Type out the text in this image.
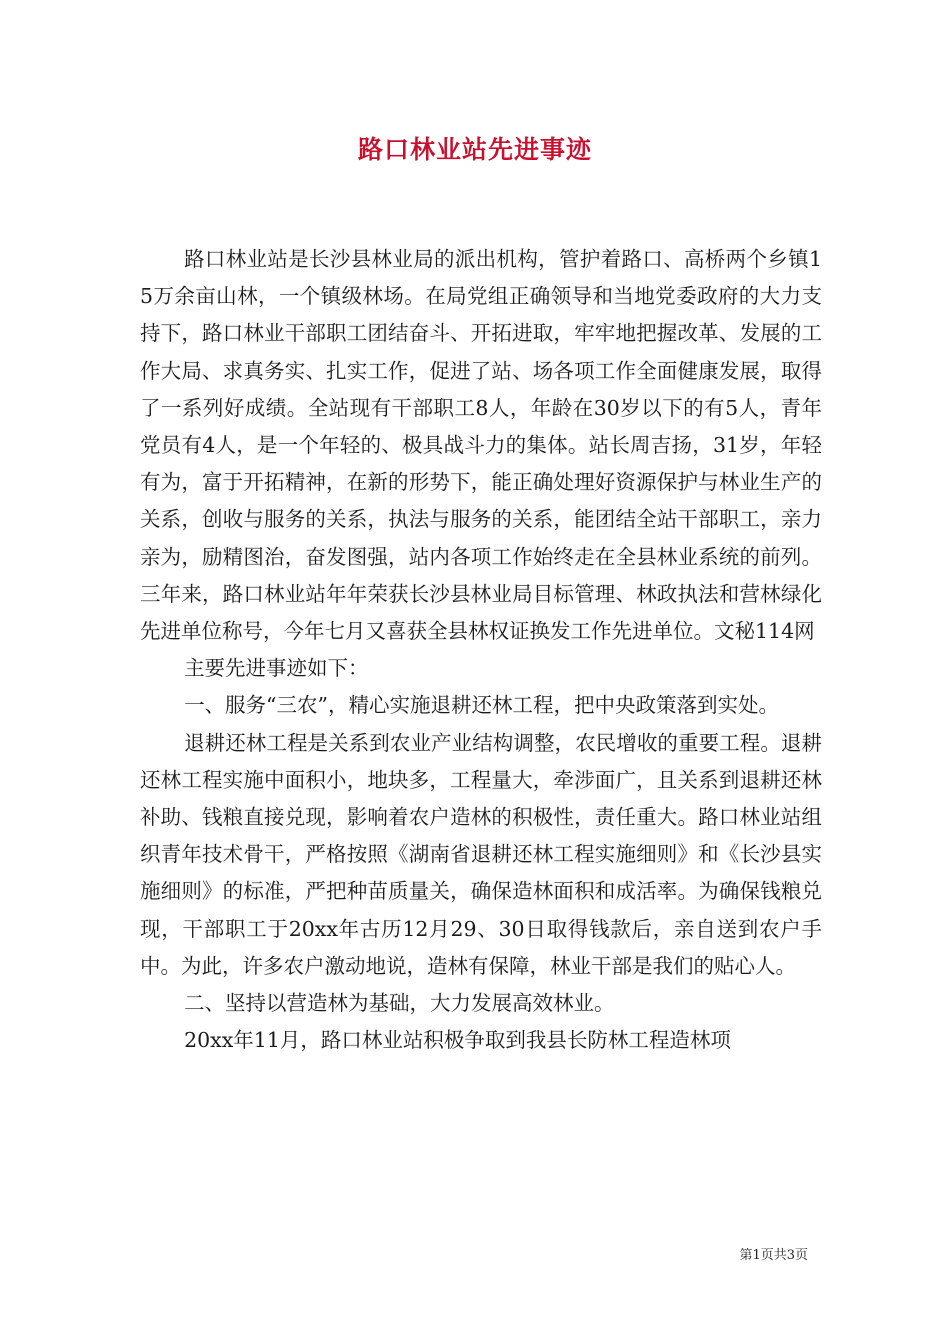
路口林业站先进事迹

路口林业站是长沙县林业局的派出机构，管护着路口、高桥两个乡镇15万余亩山林，一个镇级林场。在局党组正确领导和当地党委政府的大力支持下，路口林业干部职工团结奋斗、开拓进取，牢牢地把握改革、发展的工作大局、求真务实、扎实工作，促进了站、场各项工作全面健康发展，取得了一系列好成绩。全站现有干部职工8人，年龄在30岁以下的有5人，青年党员有4人，是一个年轻的、极具战斗力的集体。站长周吉扬，31岁，年轻有为，富于开拓精神，在新的形势下，能正确处理好资源保护与林业生产的关系，创收与服务的关系，执法与服务的关系，能团结全站干部职工，亲力亲为，励精图治，奋发图强，站内各项工作始终走在全县林业系统的前列。三年来，路口林业站年年荣获长沙县林业局目标管理、林政执法和营林绿化先进单位称号，今年七月又喜获全县林权证换发工作先进单位。文秘114网

主要先进事迹如下：

一、服务“三农”，精心实施退耕还林工程，把中央政策落到实处。

退耕还林工程是关系到农业产业结构调整，农民增收的重要工程。退耕还林工程实施中面积小，地块多，工程量大，牵涉面广，且关系到退耕还林补助、钱粮直接兑现，影响着农户造林的积极性，责任重大。路口林业站组织青年技术骨干，严格按照《湖南省退耕还林工程实施细则》和《长沙县实施细则》的标准，严把种苗质量关，确保造林面积和成活率。为确保钱粮兑现，干部职工于20xx年古历12月29、30日取得钱款后，亲自送到农户手中。为此，许多农户激动地说，造林有保障，林业干部是我们的贴心人。

二、坚持以营造林为基础，大力发展高效林业。

20xx年11月，路口林业站积极争取到我县长防林工程造林项

第1页共3页
